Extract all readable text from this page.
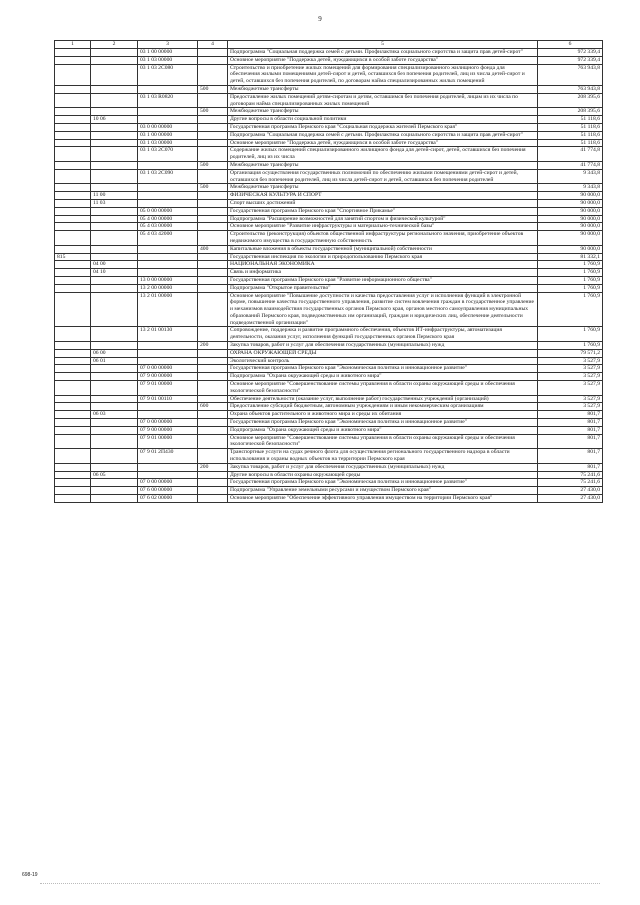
9
1	2	3	4	5	6
		03 1 00 00000		Подпрограмма "Социальная поддержка семей с детьми. Профилактика социального сиротства и защита прав детей-сирот"	972 339,4
		03 1 03 00000		Основное мероприятие "Поддержка детей, нуждающихся в особой заботе государства"	972 339,4
		03 1 03 2С080		Строительство и приобретение жилых помещений для формирования специализированного жилищного фонда для обеспечения жилыми помещениями детей-сирот и детей, оставшихся без попечения родителей, лиц из числа детей-сирот и детей, оставшихся без попечения родителей, по договорам найма специализированных жилых помещений	763 943,8
			500	Межбюджетные трансферты	763 943,8
		03 1 03 R0820		Предоставление жилых помещений детям-сиротам и детям, оставшимся без попечения родителей, лицам из их числа по договорам найма специализированных жилых помещений	208 395,6
			500	Межбюджетные трансферты	208 395,6
	10 06			Другие вопросы в области социальной политики	51 118,6
		03 0 00 00000		Государственная программа Пермского края "Социальная поддержка жителей Пермского края"	51 118,6
		03 1 00 00000		Подпрограмма "Социальная поддержка семей с детьми. Профилактика социального сиротства и защита прав детей-сирот"	51 118,6
		03 1 03 00000		Основное мероприятие "Поддержка детей, нуждающихся в особой заботе государства"	51 118,6
		03 1 03 2С070		Содержание жилых помещений специализированного жилищного фонда для детей-сирот, детей, оставшихся без попечения родителей, лиц из их числа	41 774,8
			500	Межбюджетные трансферты	41 774,8
		03 1 03 2С090		Организация осуществления государственных полномочий по обеспечению жилыми помещениями детей-сирот и детей, оставшихся без попечения родителей, лиц из числа детей-сирот и детей, оставшихся без попечения родителей	9 343,8
			500	Межбюджетные трансферты	9 343,8
	11 00			ФИЗИЧЕСКАЯ КУЛЬТУРА И СПОРТ	90 000,0
	11 03			Спорт высших достижений	90 000,0
		05 0 00 00000		Государственная программа Пермского края "Спортивное Прикамье"	90 000,0
		05 4 00 00000		Подпрограмма "Расширение возможностей для занятий спортом и физической культурой"	90 000,0
		05 4 03 00000		Основное мероприятие "Развитие инфраструктуры и материально-технической базы"	90 000,0
		05 4 03 42000		Строительство (реконструкция) объектов общественной инфраструктуры регионального значения, приобретение объектов недвижимого имущества в государственную собственность	90 000,0
			400	Капитальные вложения в объекты государственной (муниципальной) собственности	90 000,0
815				Государственная инспекция по экологии и природопользованию Пермского края	81 332,1
	04 00			НАЦИОНАЛЬНАЯ ЭКОНОМИКА	1 760,9
	04 10			Связь и информатика	1 760,9
		13 0 00 00000		Государственная программа Пермского края "Развитие информационного общества"	1 760,9
		13 2 00 00000		Подпрограмма "Открытое правительство"	1 760,9
		13 2 01 00000		Основное мероприятие "Повышение доступности и качества предоставления услуг и исполнения функций в электронной форме, повышение качества государственного управления, развитие систем вовлечения граждан в государственное управление и механизмов взаимодействия государственных органов Пермского края, органов местного самоуправления муниципальных образований Пермского края, подведомственных им организаций, граждан и юридических лиц, обеспечение деятельности подведомственной организации"	1 760,9
		13 2 01 00130		Сопровождение, поддержка и развитие программного обеспечения, объектов ИТ-инфраструктуры, автоматизация деятельности, оказания услуг, исполнения функций государственных органов Пермского края	1 760,9
			200	Закупка товаров, работ и услуг для обеспечения государственных (муниципальных) нужд	1 760,9
	06 00			ОХРАНА ОКРУЖАЮЩЕЙ СРЕДЫ	79 571,2
	06 01			Экологический контроль	3 527,9
		07 0 00 00000		Государственная программа Пермского края "Экономическая политика и инновационное развитие"	3 527,9
		07 9 00 00000		Подпрограмма "Охрана окружающей среды и животного мира"	3 527,9
		07 9 01 00000		Основное мероприятие "Совершенствование системы управления в области охраны окружающей среды и обеспечения экологической безопасности"	3 527,9
		07 9 01 00110		Обеспечение деятельности (оказание услуг, выполнение работ) государственных учреждений (организаций)	3 527,9
			600	Предоставление субсидий бюджетным, автономным учреждениям и иным некоммерческим организациям	3 527,9
	06 03			Охрана объектов растительного и животного мира и среды их обитания	801,7
		07 0 00 00000		Государственная программа Пермского края "Экономическая политика и инновационное развитие"	801,7
		07 9 00 00000		Подпрограмма "Охрана окружающей среды и животного мира"	801,7
		07 9 01 00000		Основное мероприятие "Совершенствование системы управления в области охраны окружающей среды и обеспечения экологической безопасности"	801,7
		07 9 01 2П430		Транспортные услуги на судах речного флота для осуществления регионального государственного надзора в области использования и охраны водных объектов на территории Пермского края	801,7
			200	Закупка товаров, работ и услуг для обеспечения государственных (муниципальных) нужд	801,7
	06 05			Другие вопросы в области охраны окружающей среды	75 241,6
		07 0 00 00000		Государственная программа Пермского края "Экономическая политика и инновационное развитие"	75 241,6
		07 6 00 00000		Подпрограмма "Управление земельными ресурсами и имуществом Пермского края"	27 430,0
		07 6 02 00000		Основное мероприятие "Обеспечение эффективного управления имуществом на территории Пермского края"	27 430,0
698-19
